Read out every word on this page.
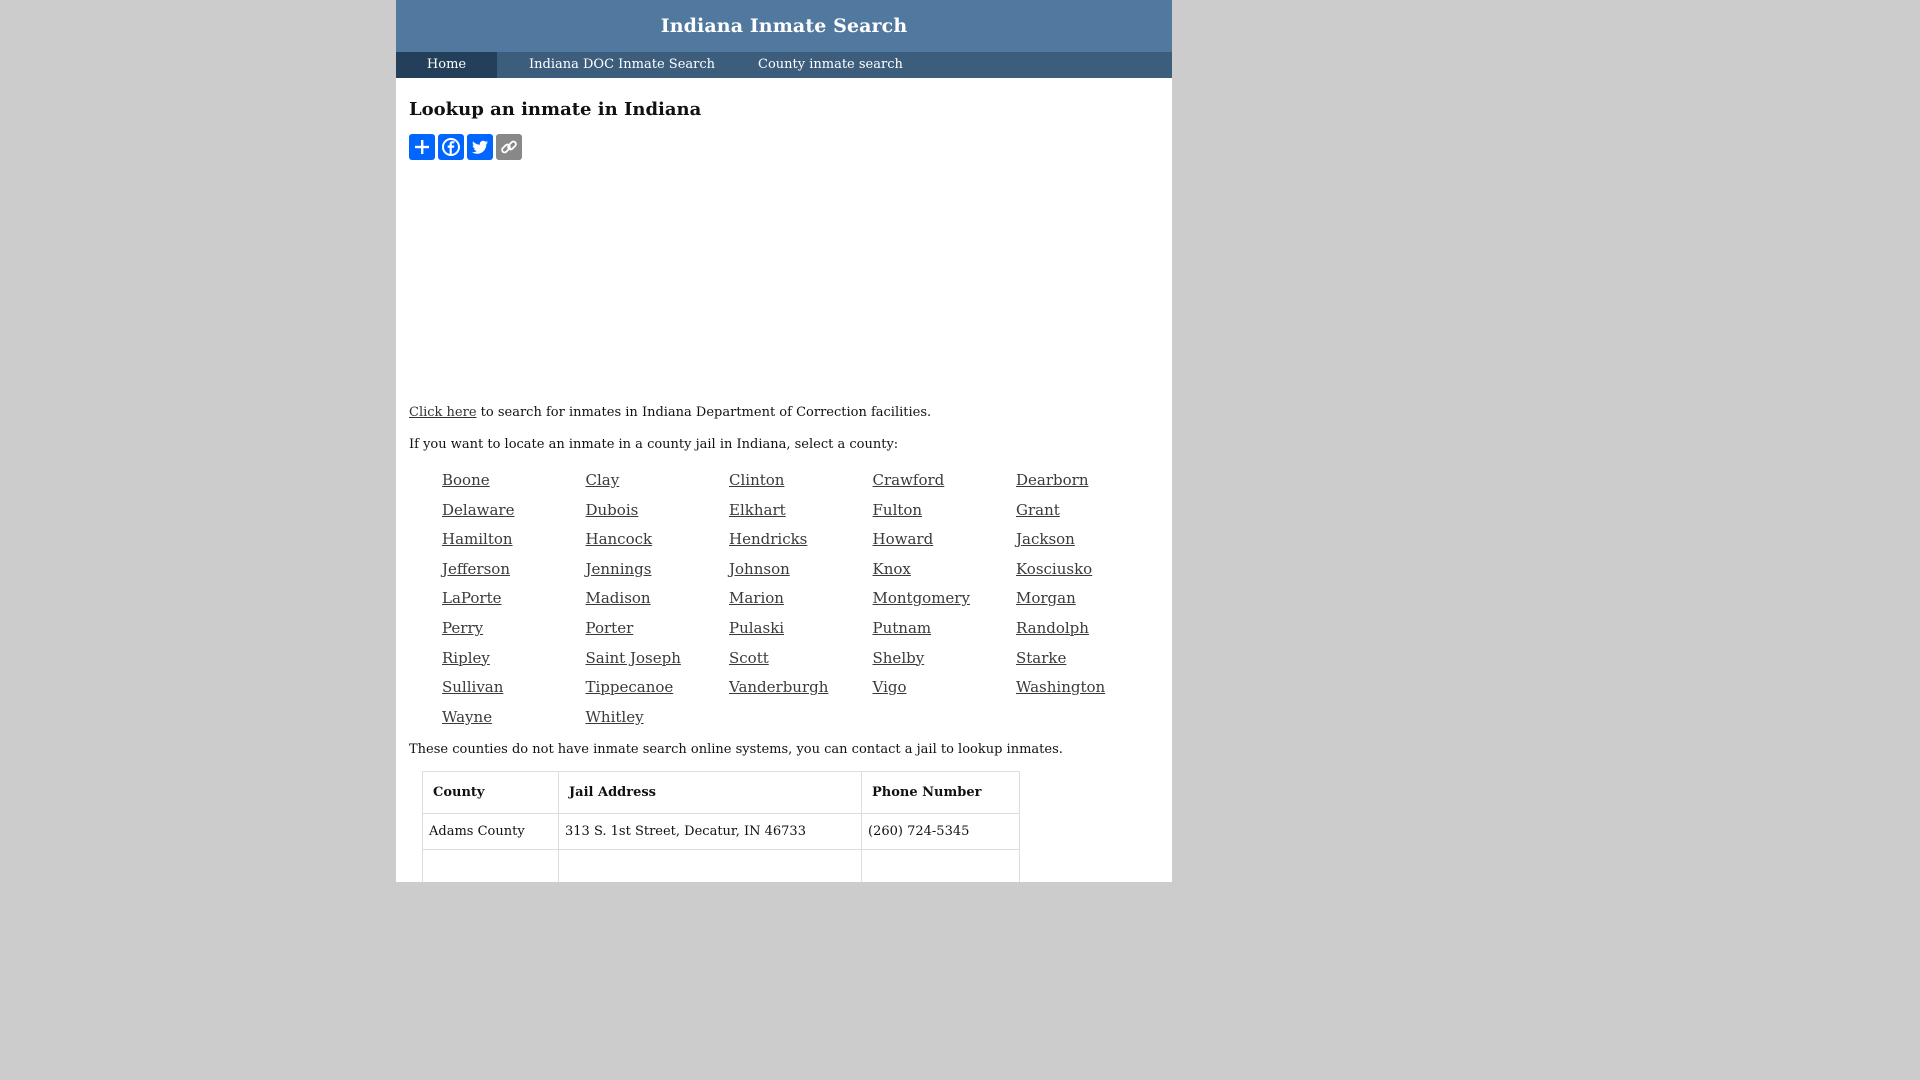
Indiana Inmate Search
Home	Indiana DOC Inmate Search	County inmate search
Lookup an inmate in Indiana

Click here to search for inmates in Indiana Department of Correction facilities.

If you want to locate an inmate in a county jail in Indiana, select a county:

Boone	Clay	Clinton	Crawford	Dearborn
Delaware	Dubois	Elkhart	Fulton	Grant
Hamilton	Hancock	Hendricks	Howard	Jackson
Jefferson	Jennings	Johnson	Knox	Kosciusko
LaPorte	Madison	Marion	Montgomery	Morgan
Perry	Porter	Pulaski	Putnam	Randolph
Ripley	Saint Joseph	Scott	Shelby	Starke
Sullivan	Tippecanoe	Vanderburgh	Vigo	Washington
Wayne	Whitley

These counties do not have inmate search online systems, you can contact a jail to lookup inmates.

County	Jail Address	Phone Number
Adams County	313 S. 1st Street, Decatur, IN 46733	(260) 724-5345
